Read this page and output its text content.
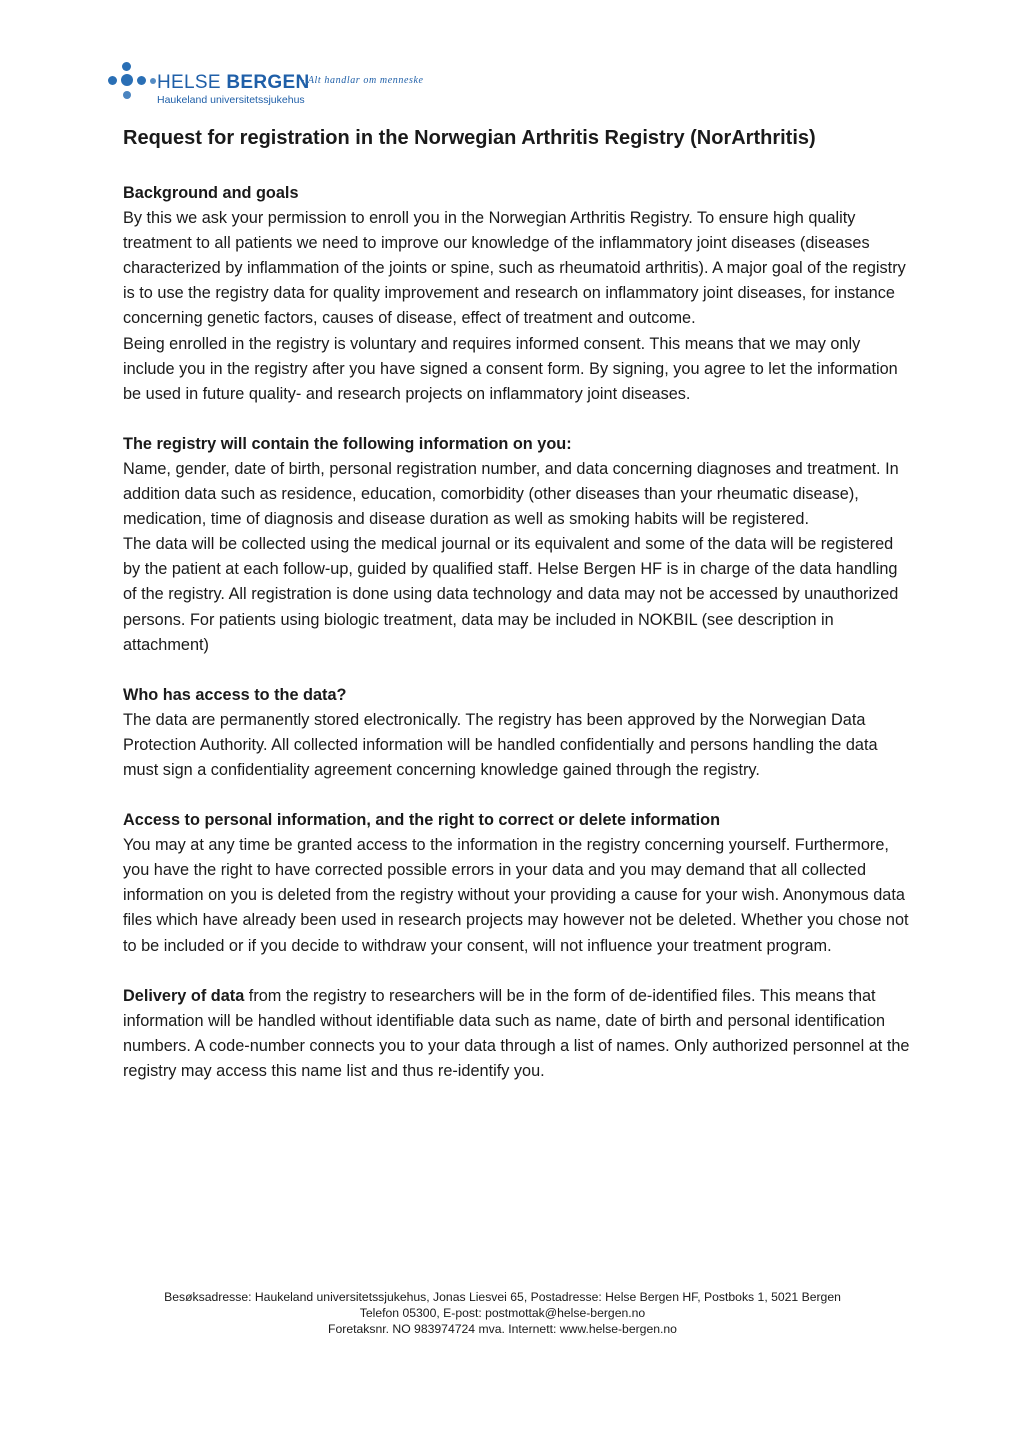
HELSE BERGEN
- Alt handlar om menneske
Haukeland universitetssjukehus
Request for registration in the Norwegian Arthritis Registry (NorArthritis)
Background and goals

By this we ask your permission to enroll you in the Norwegian Arthritis Registry. To ensure high quality treatment to all patients we need to improve our knowledge of the inflammatory joint diseases (diseases characterized by inflammation of the joints or spine, such as rheumatoid arthritis). A major goal of the registry is to use the registry data for quality improvement and research on inflammatory joint diseases, for instance concerning genetic factors, causes of disease, effect of treatment and outcome.

Being enrolled in the registry is voluntary and requires informed consent. This means that we may only include you in the registry after you have signed a consent form. By signing, you agree to let the information be used in future quality- and research projects on inflammatory joint diseases.

The registry will contain the following information on you:

Name, gender, date of birth, personal registration number, and data concerning diagnoses and treatment. In addition data such as residence, education, comorbidity (other diseases than your rheumatic disease), medication, time of diagnosis and disease duration as well as smoking habits will be registered.

The data will be collected using the medical journal or its equivalent and some of the data will be registered by the patient at each follow-up, guided by qualified staff. Helse Bergen HF is in charge of the data handling of the registry. All registration is done using data technology and data may not be accessed by unauthorized persons. For patients using biologic treatment, data may be included in NOKBIL (see description in attachment)

Who has access to the data?

The data are permanently stored electronically. The registry has been approved by the Norwegian Data Protection Authority. All collected information will be handled confidentially and persons handling the data must sign a confidentiality agreement concerning knowledge gained through the registry.

Access to personal information, and the right to correct or delete information

You may at any time be granted access to the information in the registry concerning yourself. Furthermore, you have the right to have corrected possible errors in your data and you may demand that all collected information on you is deleted from the registry without your providing a cause for your wish. Anonymous data files which have already been used in research projects may however not be deleted. Whether you chose not to be included or if you decide to withdraw your consent, will not influence your treatment program.

Delivery of data from the registry to researchers will be in the form of de-identified files. This means that information will be handled without identifiable data such as name, date of birth and personal identification numbers. A code-number connects you to your data through a list of names. Only authorized personnel at the registry may access this name list and thus re-identify you.

Besøksadresse: Haukeland universitetssjukehus, Jonas Liesvei 65, Postadresse: Helse Bergen HF, Postboks 1, 5021 Bergen
Telefon 05300, E-post: postmottak@helse-bergen.no
Foretaksnr. NO 983974724 mva. Internett: www.helse-bergen.no
